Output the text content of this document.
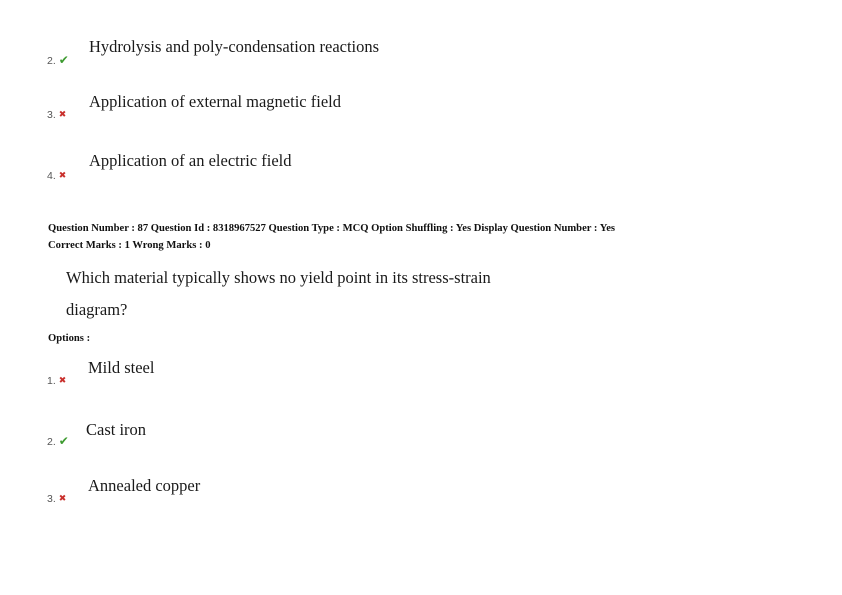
Hydrolysis and poly-condensation reactions
2. ✔
Application of external magnetic field
3. ✖
Application of an electric field
4. ✖
Question Number : 87 Question Id : 8318967527 Question Type : MCQ Option Shuffling : Yes Display Question Number : Yes
Correct Marks : 1 Wrong Marks : 0
Which material typically shows no yield point in its stress-strain
diagram?
Options :
Mild steel
1. ✖
Cast iron
2. ✔
Annealed copper
3. ✖
